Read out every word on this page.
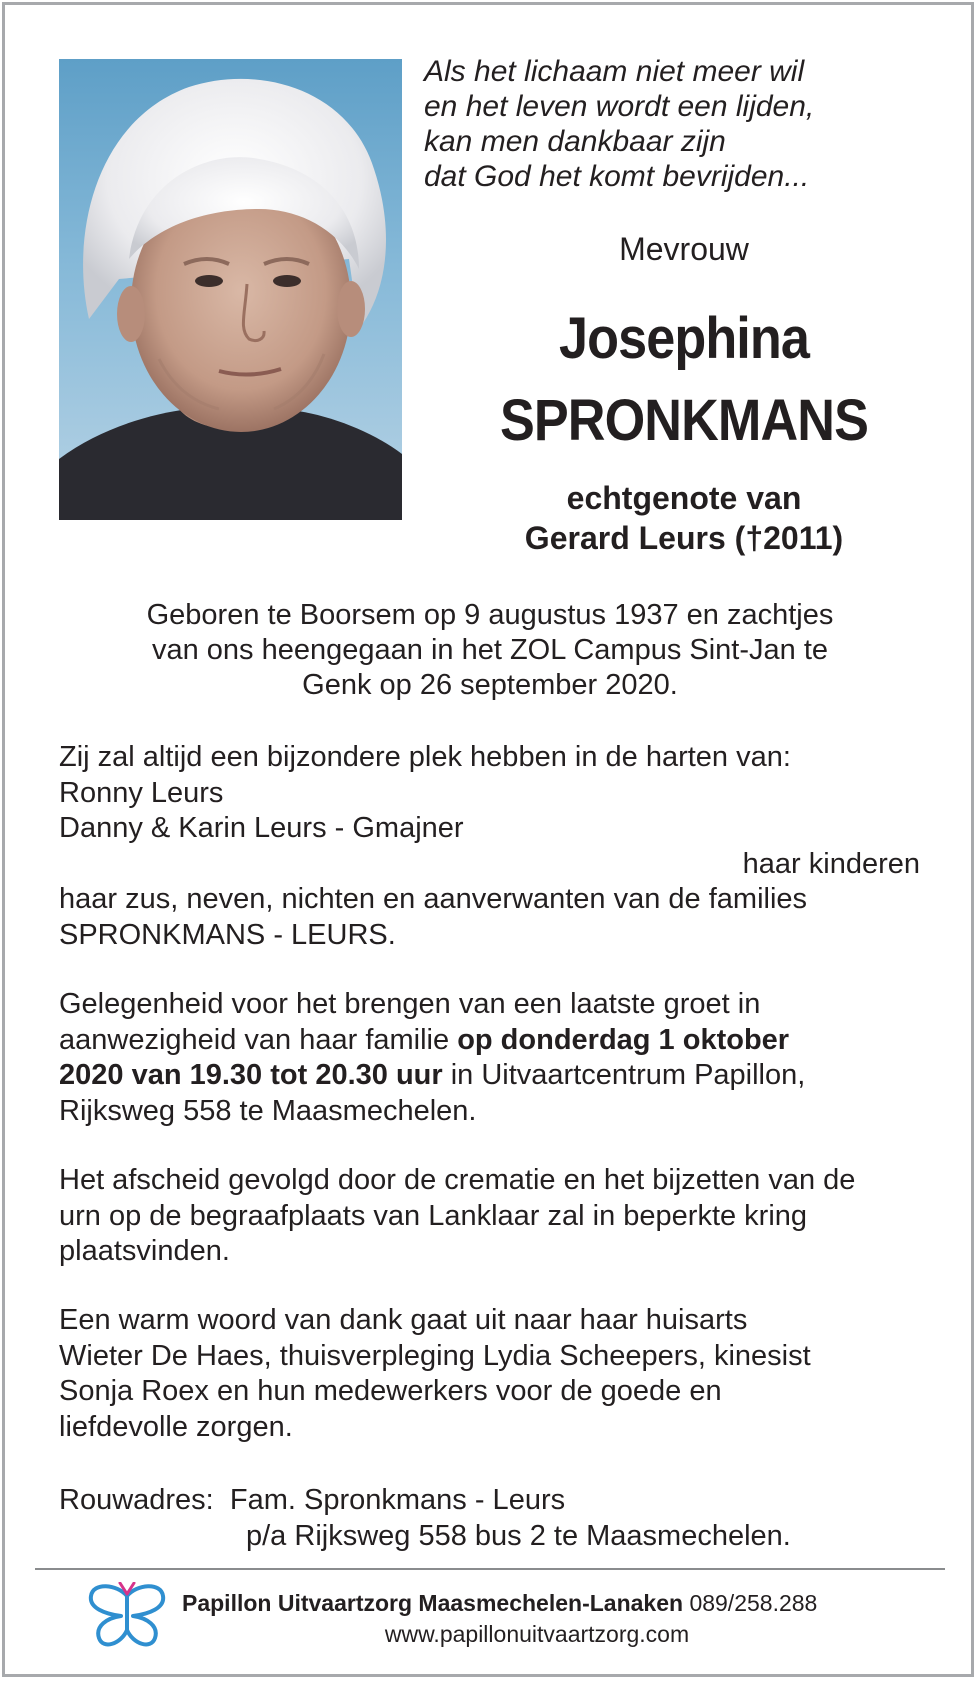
Als het lichaam niet meer wil
en het leven wordt een lijden,
kan men dankbaar zijn
dat God het komt bevrijden...
Mevrouw
Josephina
SPRONKMANS
echtgenote van
Gerard Leurs (†2011)
Geboren te Boorsem op 9 augustus 1937 en zachtjes
van ons heengegaan in het ZOL Campus Sint-Jan te
Genk op 26 september 2020.
Zij zal altijd een bijzondere plek hebben in de harten van:
Ronny Leurs
Danny & Karin Leurs - Gmajner
haar kinderen
haar zus, neven, nichten en aanverwanten van de families
SPRONKMANS - LEURS.
Gelegenheid voor het brengen van een laatste groet in
aanwezigheid van haar familie op donderdag 1 oktober
2020 van 19.30 tot 20.30 uur in Uitvaartcentrum Papillon,
Rijksweg 558 te Maasmechelen.
Het afscheid gevolgd door de crematie en het bijzetten van de
urn op de begraafplaats van Lanklaar zal in beperkte kring
plaatsvinden.
Een warm woord van dank gaat uit naar haar huisarts
Wieter De Haes, thuisverpleging Lydia Scheepers, kinesist
Sonja Roex en hun medewerkers voor de goede en
liefdevolle zorgen.
Rouwadres: Fam. Spronkmans - Leurs
p/a Rijksweg 558 bus 2 te Maasmechelen.
Papillon Uitvaartzorg Maasmechelen-Lanaken 089/258.288
www.papillonuitvaartzorg.com
